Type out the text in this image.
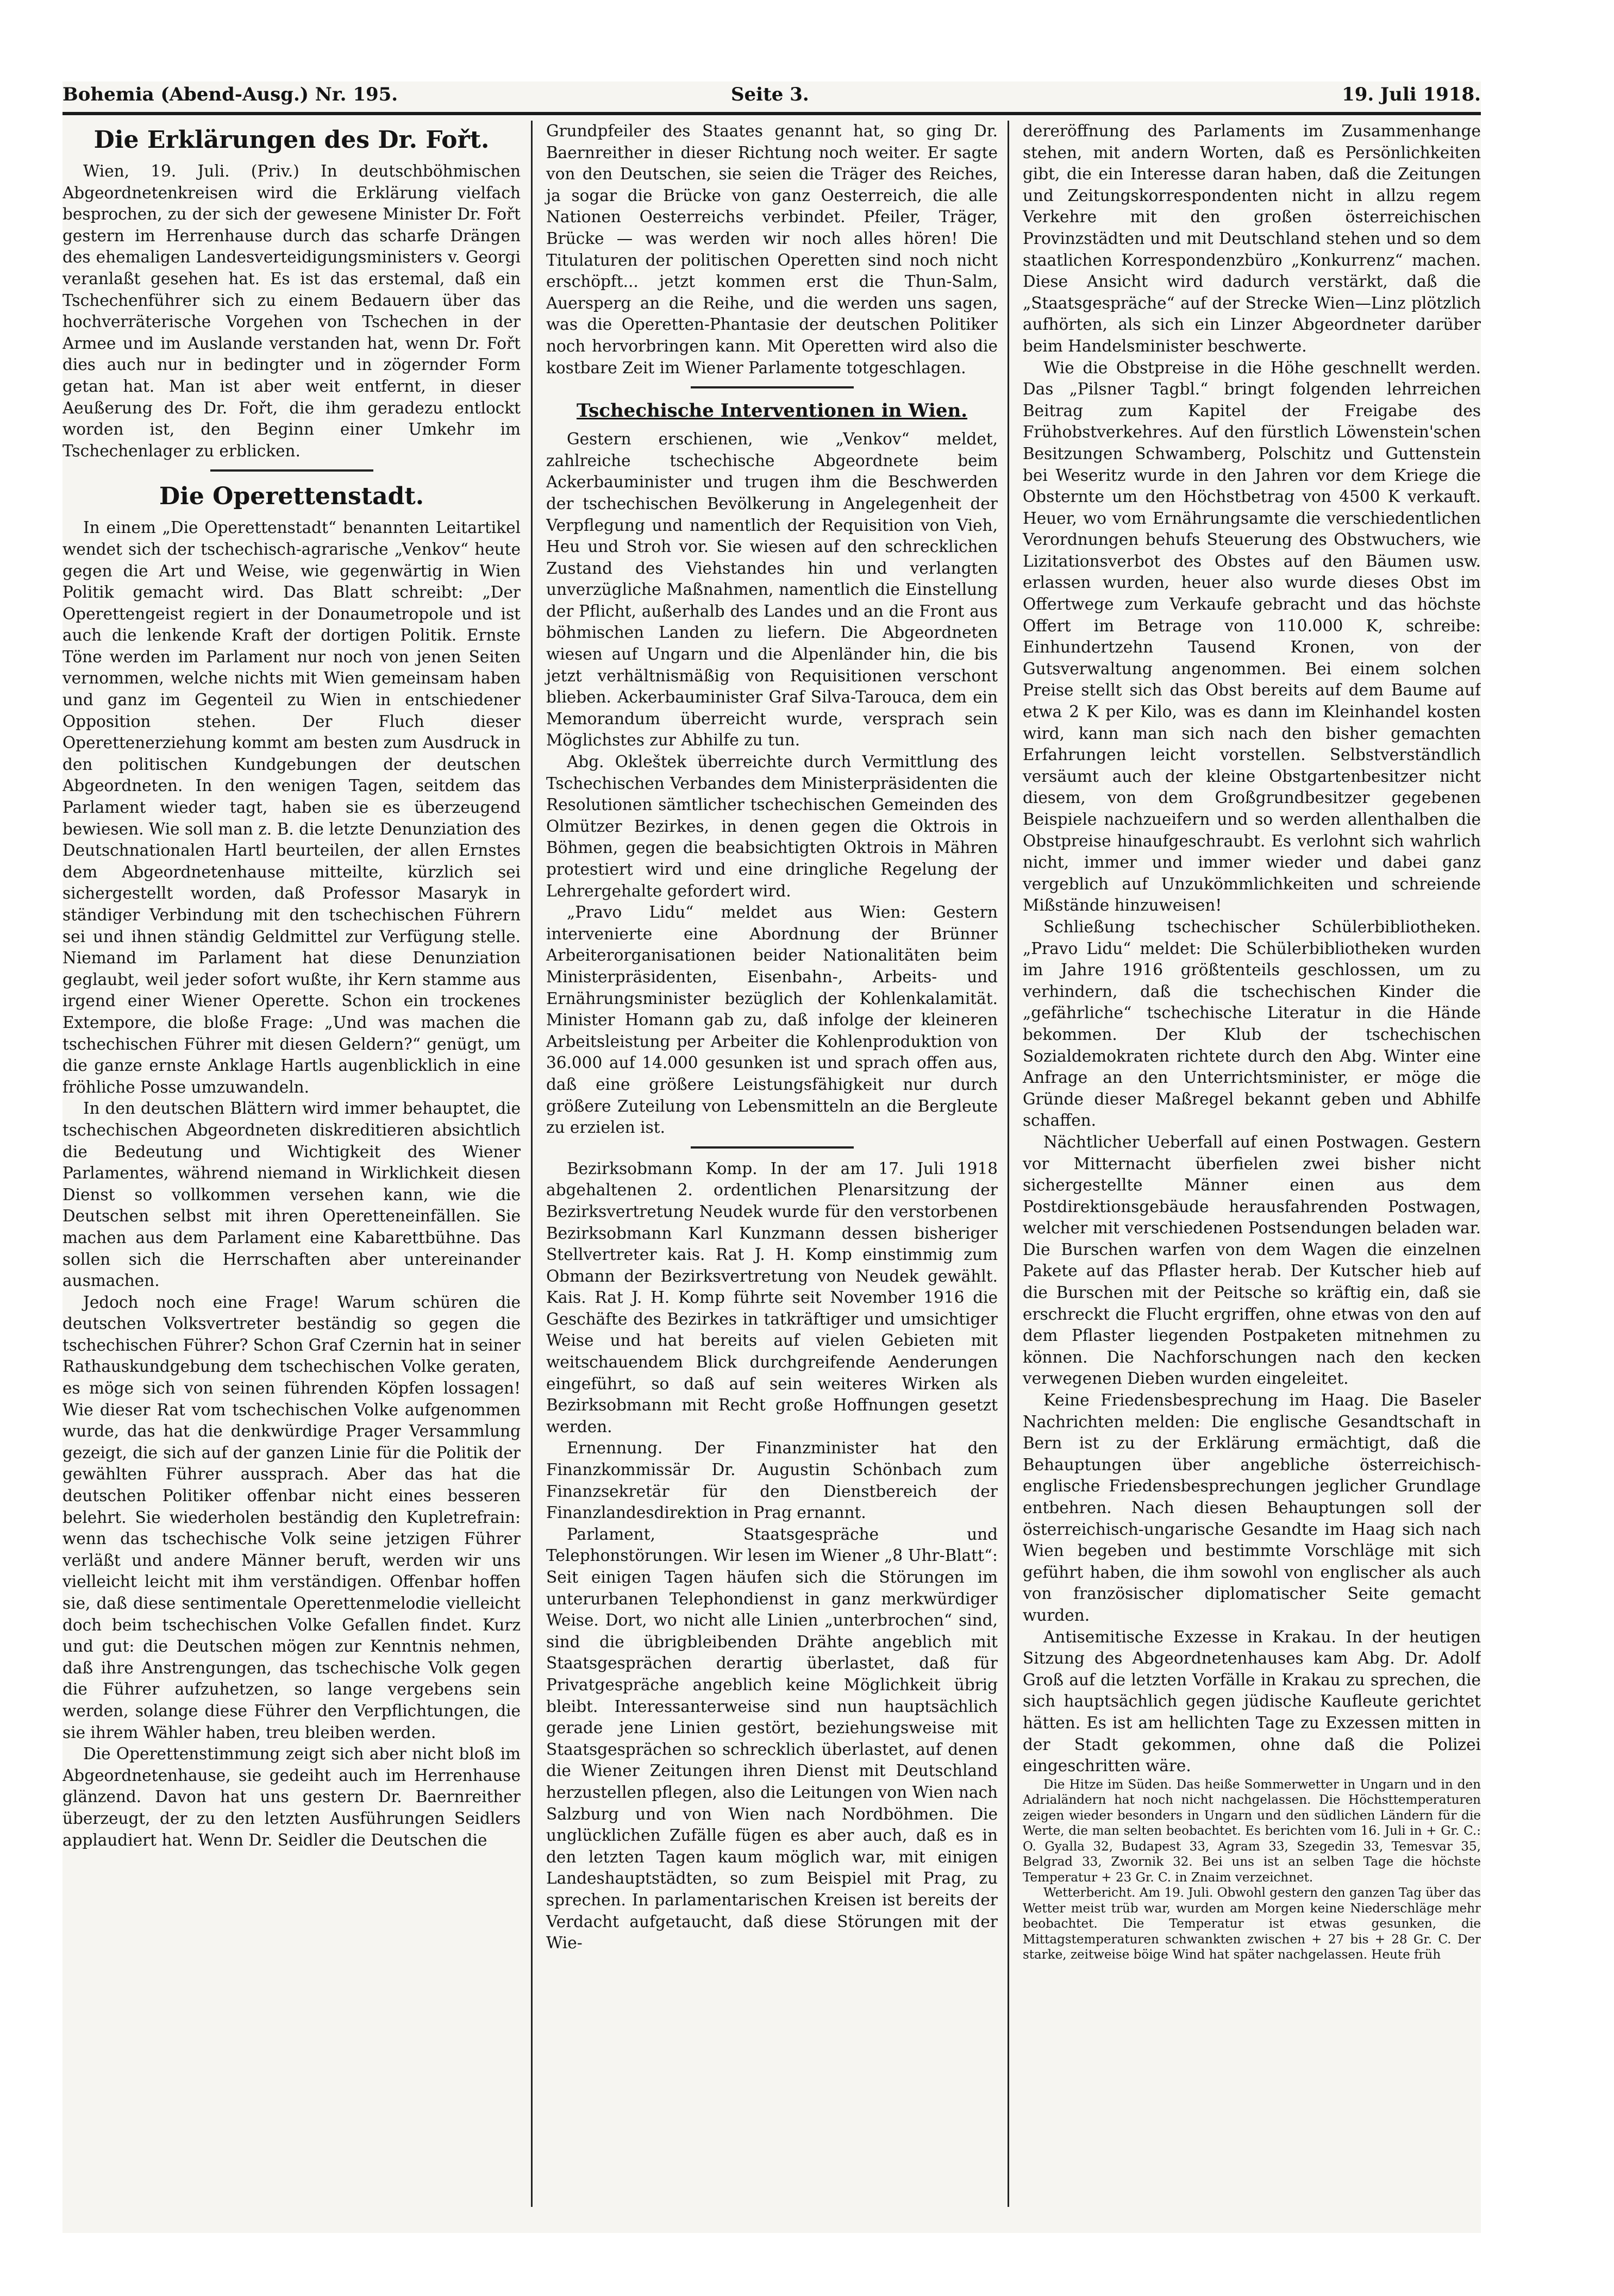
Bohemia (Abend-Ausg.) Nr. 195.	Seite 3.	19. Juli 1918.
Die Erklärungen des Dr. Fořt.

Wien, 19. Juli. (Priv.) In deutschböhmischen Abgeordnetenkreisen wird die Erklärung vielfach besprochen, zu der sich der gewesene Minister Dr. Fořt gestern im Herrenhause durch das scharfe Drängen des ehemaligen Landesverteidigungsministers v. Georgi veranlaßt gesehen hat. Es ist das erstemal, daß ein Tschechenführer sich zu einem Bedauern über das hochverräterische Vorgehen von Tschechen in der Armee und im Auslande verstanden hat, wenn Dr. Fořt dies auch nur in bedingter und in zögernder Form getan hat. Man ist aber weit entfernt, in dieser Aeußerung des Dr. Fořt, die ihm geradezu entlockt worden ist, den Beginn einer Umkehr im Tschechenlager zu erblicken.

Die Operettenstadt.

In einem „Die Operettenstadt“ benannten Leitartikel wendet sich der tschechisch-agrarische „Venkov“ heute gegen die Art und Weise, wie gegenwärtig in Wien Politik gemacht wird. Das Blatt schreibt: „Der Operettengeist regiert in der Donaumetropole und ist auch die lenkende Kraft der dortigen Politik. Ernste Töne werden im Parlament nur noch von jenen Seiten vernommen, welche nichts mit Wien gemeinsam haben und ganz im Gegenteil zu Wien in entschiedener Opposition stehen. Der Fluch dieser Operettenerziehung kommt am besten zum Ausdruck in den politischen Kundgebungen der deutschen Abgeordneten. In den wenigen Tagen, seitdem das Parlament wieder tagt, haben sie es überzeugend bewiesen. Wie soll man z. B. die letzte Denunziation des Deutschnationalen Hartl beurteilen, der allen Ernstes dem Abgeordnetenhause mitteilte, kürzlich sei sichergestellt worden, daß Professor Masaryk in ständiger Verbindung mit den tschechischen Führern sei und ihnen ständig Geldmittel zur Verfügung stelle. Niemand im Parlament hat diese Denunziation geglaubt, weil jeder sofort wußte, ihr Kern stamme aus irgend einer Wiener Operette. Schon ein trockenes Extempore, die bloße Frage: „Und was machen die tschechischen Führer mit diesen Geldern?“ genügt, um die ganze ernste Anklage Hartls augenblicklich in eine fröhliche Posse umzuwandeln.

In den deutschen Blättern wird immer behauptet, die tschechischen Abgeordneten diskreditieren absichtlich die Bedeutung und Wichtigkeit des Wiener Parlamentes, während niemand in Wirklichkeit diesen Dienst so vollkommen versehen kann, wie die Deutschen selbst mit ihren Operetteneinfällen. Sie machen aus dem Parlament eine Kabarettbühne. Das sollen sich die Herrschaften aber untereinander ausmachen.

Jedoch noch eine Frage! Warum schüren die deutschen Volksvertreter beständig so gegen die tschechischen Führer? Schon Graf Czernin hat in seiner Rathauskundgebung dem tschechischen Volke geraten, es möge sich von seinen führenden Köpfen lossagen! Wie dieser Rat vom tschechischen Volke aufgenommen wurde, das hat die denkwürdige Prager Versammlung gezeigt, die sich auf der ganzen Linie für die Politik der gewählten Führer aussprach. Aber das hat die deutschen Politiker offenbar nicht eines besseren belehrt. Sie wiederholen beständig den Kupletrefrain: wenn das tschechische Volk seine jetzigen Führer verläßt und andere Männer beruft, werden wir uns vielleicht leicht mit ihm verständigen. Offenbar hoffen sie, daß diese sentimentale Operettenmelodie vielleicht doch beim tschechischen Volke Gefallen findet. Kurz und gut: die Deutschen mögen zur Kenntnis nehmen, daß ihre Anstrengungen, das tschechische Volk gegen die Führer aufzuhetzen, so lange vergebens sein werden, solange diese Führer den Verpflichtungen, die sie ihrem Wähler haben, treu bleiben werden.

Die Operettenstimmung zeigt sich aber nicht bloß im Abgeordnetenhause, sie gedeiht auch im Herrenhause glänzend. Davon hat uns gestern Dr. Baernreither überzeugt, der zu den letzten Ausführungen Seidlers applaudiert hat. Wenn Dr. Seidler die Deutschen die

Grundpfeiler des Staates genannt hat, so ging Dr. Baernreither in dieser Richtung noch weiter. Er sagte von den Deutschen, sie seien die Träger des Reiches, ja sogar die Brücke von ganz Oesterreich, die alle Nationen Oesterreichs verbindet. Pfeiler, Träger, Brücke — was werden wir noch alles hören! Die Titulaturen der politischen Operetten sind noch nicht erschöpft... jetzt kommen erst die Thun-Salm, Auersperg an die Reihe, und die werden uns sagen, was die Operetten-Phantasie der deutschen Politiker noch hervorbringen kann. Mit Operetten wird also die kostbare Zeit im Wiener Parlamente totgeschlagen.

Tschechische Interventionen in Wien.

Gestern erschienen, wie „Venkov“ meldet, zahlreiche tschechische Abgeordnete beim Ackerbauminister und trugen ihm die Beschwerden der tschechischen Bevölkerung in Angelegenheit der Verpflegung und namentlich der Requisition von Vieh, Heu und Stroh vor. Sie wiesen auf den schrecklichen Zustand des Viehstandes hin und verlangten unverzügliche Maßnahmen, namentlich die Einstellung der Pflicht, außerhalb des Landes und an die Front aus böhmischen Landen zu liefern. Die Abgeordneten wiesen auf Ungarn und die Alpenländer hin, die bis jetzt verhältnismäßig von Requisitionen verschont blieben. Ackerbauminister Graf Silva-Tarouca, dem ein Memorandum überreicht wurde, versprach sein Möglichstes zur Abhilfe zu tun.

Abg. Okleštek überreichte durch Vermittlung des Tschechischen Verbandes dem Ministerpräsidenten die Resolutionen sämtlicher tschechischen Gemeinden des Olmützer Bezirkes, in denen gegen die Oktrois in Böhmen, gegen die beabsichtigten Oktrois in Mähren protestiert wird und eine dringliche Regelung der Lehrergehalte gefordert wird.

„Pravo Lidu“ meldet aus Wien: Gestern intervenierte eine Abordnung der Brünner Arbeiterorganisationen beider Nationalitäten beim Ministerpräsidenten, Eisenbahn-, Arbeits- und Ernährungsminister bezüglich der Kohlenkalamität. Minister Homann gab zu, daß infolge der kleineren Arbeitsleistung per Arbeiter die Kohlenproduktion von 36.000 auf 14.000 gesunken ist und sprach offen aus, daß eine größere Leistungsfähigkeit nur durch größere Zuteilung von Lebensmitteln an die Bergleute zu erzielen ist.

Bezirksobmann Komp. In der am 17. Juli 1918 abgehaltenen 2. ordentlichen Plenarsitzung der Bezirksvertretung Neudek wurde für den verstorbenen Bezirksobmann Karl Kunzmann dessen bisheriger Stellvertreter kais. Rat J. H. Komp einstimmig zum Obmann der Bezirksvertretung von Neudek gewählt. Kais. Rat J. H. Komp führte seit November 1916 die Geschäfte des Bezirkes in tatkräftiger und umsichtiger Weise und hat bereits auf vielen Gebieten mit weitschauendem Blick durchgreifende Aenderungen eingeführt, so daß auf sein weiteres Wirken als Bezirksobmann mit Recht große Hoffnungen gesetzt werden.

Ernennung. Der Finanzminister hat den Finanzkommissär Dr. Augustin Schönbach zum Finanzsekretär für den Dienstbereich der Finanzlandesdirektion in Prag ernannt.

Parlament, Staatsgespräche und Telephonstörungen. Wir lesen im Wiener „8 Uhr-Blatt“: Seit einigen Tagen häufen sich die Störungen im unterurbanen Telephondienst in ganz merkwürdiger Weise. Dort, wo nicht alle Linien „unterbrochen“ sind, sind die übrigbleibenden Drähte angeblich mit Staatsgesprächen derartig überlastet, daß für Privatgespräche angeblich keine Möglichkeit übrig bleibt. Interessanterweise sind nun hauptsächlich gerade jene Linien gestört, beziehungsweise mit Staatsgesprächen so schrecklich überlastet, auf denen die Wiener Zeitungen ihren Dienst mit Deutschland herzustellen pflegen, also die Leitungen von Wien nach Salzburg und von Wien nach Nordböhmen. Die unglücklichen Zufälle fügen es aber auch, daß es in den letzten Tagen kaum möglich war, mit einigen Landeshauptstädten, so zum Beispiel mit Prag, zu sprechen. In parlamentarischen Kreisen ist bereits der Verdacht aufgetaucht, daß diese Störungen mit der Wie-

dereröffnung des Parlaments im Zusammenhange stehen, mit andern Worten, daß es Persönlichkeiten gibt, die ein Interesse daran haben, daß die Zeitungen und Zeitungskorrespondenten nicht in allzu regem Verkehre mit den großen österreichischen Provinzstädten und mit Deutschland stehen und so dem staatlichen Korrespondenzbüro „Konkurrenz“ machen. Diese Ansicht wird dadurch verstärkt, daß die „Staatsgespräche“ auf der Strecke Wien—Linz plötzlich aufhörten, als sich ein Linzer Abgeordneter darüber beim Handelsminister beschwerte.

Wie die Obstpreise in die Höhe geschnellt werden. Das „Pilsner Tagbl.“ bringt folgenden lehrreichen Beitrag zum Kapitel der Freigabe des Frühobstverkehres. Auf den fürstlich Löwenstein'schen Besitzungen Schwamberg, Polschitz und Guttenstein bei Weseritz wurde in den Jahren vor dem Kriege die Obsternte um den Höchstbetrag von 4500 K verkauft. Heuer, wo vom Ernährungsamte die verschiedentlichen Verordnungen behufs Steuerung des Obstwuchers, wie Lizitationsverbot des Obstes auf den Bäumen usw. erlassen wurden, heuer also wurde dieses Obst im Offertwege zum Verkaufe gebracht und das höchste Offert im Betrage von 110.000 K, schreibe: Einhundertzehn Tausend Kronen, von der Gutsverwaltung angenommen. Bei einem solchen Preise stellt sich das Obst bereits auf dem Baume auf etwa 2 K per Kilo, was es dann im Kleinhandel kosten wird, kann man sich nach den bisher gemachten Erfahrungen leicht vorstellen. Selbstverständlich versäumt auch der kleine Obstgartenbesitzer nicht diesem, von dem Großgrundbesitzer gegebenen Beispiele nachzueifern und so werden allenthalben die Obstpreise hinaufgeschraubt. Es verlohnt sich wahrlich nicht, immer und immer wieder und dabei ganz vergeblich auf Unzukömmlichkeiten und schreiende Mißstände hinzuweisen!

Schließung tschechischer Schülerbibliotheken. „Pravo Lidu“ meldet: Die Schülerbibliotheken wurden im Jahre 1916 größtenteils geschlossen, um zu verhindern, daß die tschechischen Kinder die „gefährliche“ tschechische Literatur in die Hände bekommen. Der Klub der tschechischen Sozialdemokraten richtete durch den Abg. Winter eine Anfrage an den Unterrichtsminister, er möge die Gründe dieser Maßregel bekannt geben und Abhilfe schaffen.

Nächtlicher Ueberfall auf einen Postwagen. Gestern vor Mitternacht überfielen zwei bisher nicht sichergestellte Männer einen aus dem Postdirektionsgebäude herausfahrenden Postwagen, welcher mit verschiedenen Postsendungen beladen war. Die Burschen warfen von dem Wagen die einzelnen Pakete auf das Pflaster herab. Der Kutscher hieb auf die Burschen mit der Peitsche so kräftig ein, daß sie erschreckt die Flucht ergriffen, ohne etwas von den auf dem Pflaster liegenden Postpaketen mitnehmen zu können. Die Nachforschungen nach den kecken verwegenen Dieben wurden eingeleitet.

Keine Friedensbesprechung im Haag. Die Baseler Nachrichten melden: Die englische Gesandtschaft in Bern ist zu der Erklärung ermächtigt, daß die Behauptungen über angebliche österreichisch-englische Friedensbesprechungen jeglicher Grundlage entbehren. Nach diesen Behauptungen soll der österreichisch-ungarische Gesandte im Haag sich nach Wien begeben und bestimmte Vorschläge mit sich geführt haben, die ihm sowohl von englischer als auch von französischer diplomatischer Seite gemacht wurden.

Antisemitische Exzesse in Krakau. In der heutigen Sitzung des Abgeordnetenhauses kam Abg. Dr. Adolf Groß auf die letzten Vorfälle in Krakau zu sprechen, die sich hauptsächlich gegen jüdische Kaufleute gerichtet hätten. Es ist am hellichten Tage zu Exzessen mitten in der Stadt gekommen, ohne daß die Polizei eingeschritten wäre.

Die Hitze im Süden. Das heiße Sommerwetter in Ungarn und in den Adrialändern hat noch nicht nachgelassen. Die Höchsttemperaturen zeigen wieder besonders in Ungarn und den südlichen Ländern für die Werte, die man selten beobachtet. Es berichten vom 16. Juli in + Gr. C.: O. Gyalla 32, Budapest 33, Agram 33, Szegedin 33, Temesvar 35, Belgrad 33, Zwornik 32. Bei uns ist an selben Tage die höchste Temperatur + 23 Gr. C. in Znaim verzeichnet.

Wetterbericht. Am 19. Juli. Obwohl gestern den ganzen Tag über das Wetter meist trüb war, wurden am Morgen keine Niederschläge mehr beobachtet. Die Temperatur ist etwas gesunken, die Mittagstemperaturen schwankten zwischen + 27 bis + 28 Gr. C. Der starke, zeitweise böige Wind hat später nachgelassen. Heute früh
